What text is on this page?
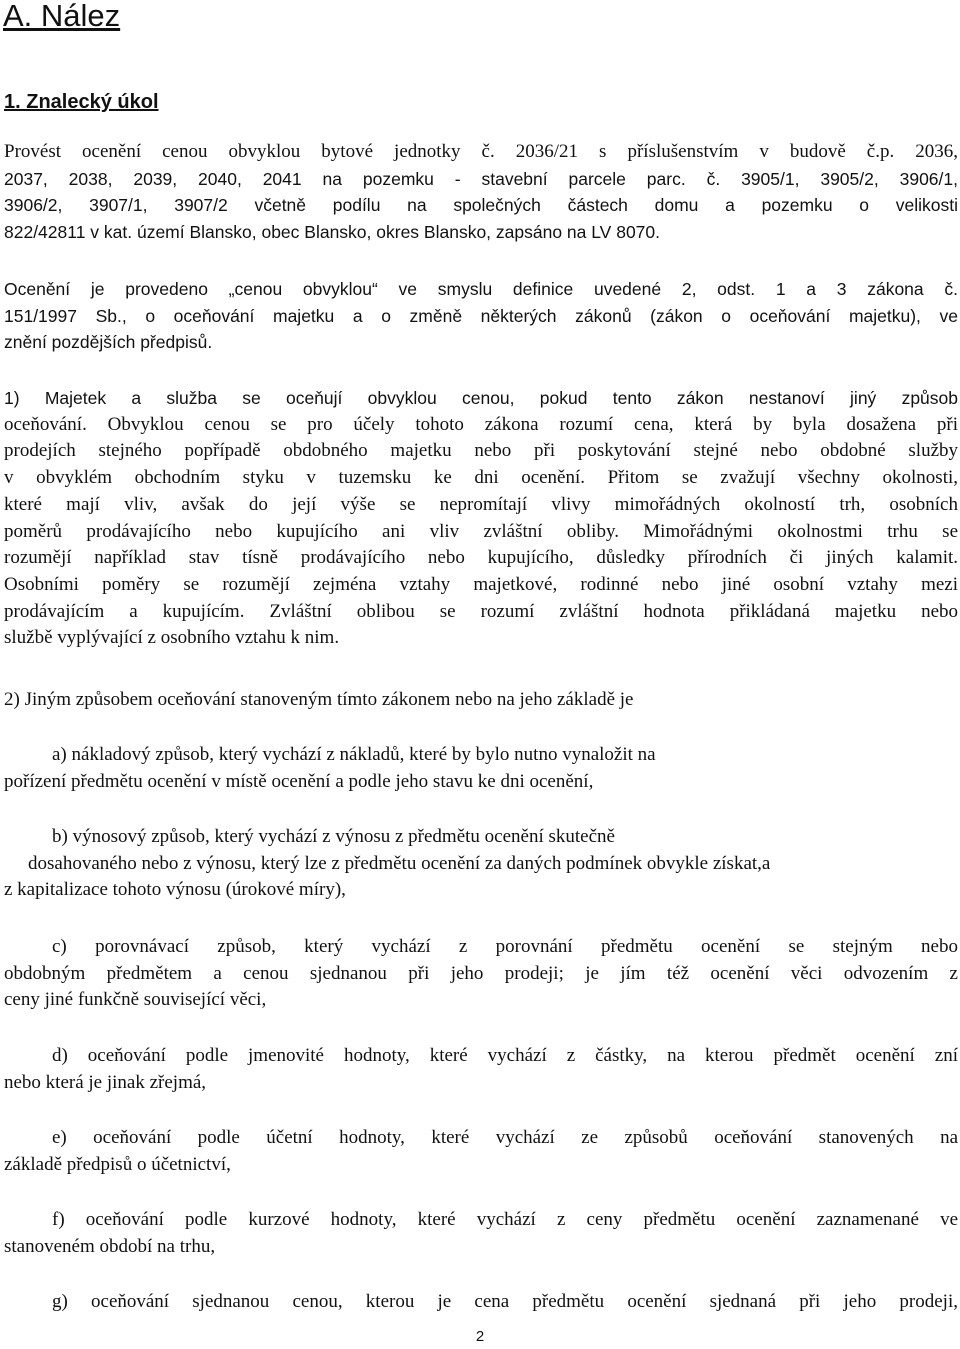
A. Nález
1. Znalecký úkol
Provést ocenění cenou obvyklou bytové jednotky č. 2036/21 s příslušenstvím v budově č.p. 2036,
2037, 2038, 2039, 2040, 2041 na pozemku - stavební parcele parc. č. 3905/1, 3905/2, 3906/1,
3906/2, 3907/1, 3907/2 včetně podílu na společných částech domu a pozemku o velikosti
822/42811 v kat. území Blansko, obec Blansko, okres Blansko, zapsáno na LV 8070.
Ocenění je provedeno „cenou obvyklou“ ve smyslu definice uvedené 2, odst. 1 a 3 zákona č.
151/1997 Sb., o oceňování majetku a o změně některých zákonů (zákon o oceňování majetku), ve
znění pozdějších předpisů.
1) Majetek a služba se oceňují obvyklou cenou, pokud tento zákon nestanoví jiný způsob
oceňování. Obvyklou cenou se pro účely tohoto zákona rozumí cena, která by byla dosažena při
prodejích stejného popřípadě obdobného majetku nebo při poskytování stejné nebo obdobné služby
v obvyklém obchodním styku v tuzemsku ke dni ocenění. Přitom se zvažují všechny okolnosti,
které mají vliv, avšak do její výše se nepromítají vlivy mimořádných okolností trh, osobních
poměrů prodávajícího nebo kupujícího ani vliv zvláštní obliby. Mimořádnými okolnostmi trhu se
rozumějí například stav tísně prodávajícího nebo kupujícího, důsledky přírodních či jiných kalamit.
Osobními poměry se rozumějí zejména vztahy majetkové, rodinné nebo jiné osobní vztahy mezi
prodávajícím a kupujícím. Zvláštní oblibou se rozumí zvláštní hodnota přikládaná majetku nebo
službě vyplývající z osobního vztahu k nim.
2) Jiným způsobem oceňování stanoveným tímto zákonem nebo na jeho základě je
a) nákladový způsob, který vychází z nákladů, které by bylo nutno vynaložit na
pořízení předmětu ocenění v místě ocenění a podle jeho stavu ke dni ocenění,
b) výnosový způsob, který vychází z výnosu z předmětu ocenění skutečně
dosahovaného nebo z výnosu, který lze z předmětu ocenění za daných podmínek obvykle získat,a
z kapitalizace tohoto výnosu (úrokové míry),
c) porovnávací způsob, který vychází z porovnání předmětu ocenění se stejným nebo
obdobným předmětem a cenou sjednanou při jeho prodeji; je jím též ocenění věci odvozením z
ceny jiné funkčně související věci,
d) oceňování podle jmenovité hodnoty, které vychází z částky, na kterou předmět ocenění zní
nebo která je jinak zřejmá,
e) oceňování podle účetní hodnoty, které vychází ze způsobů oceňování stanovených na
základě předpisů o účetnictví,
f) oceňování podle kurzové hodnoty, které vychází z ceny předmětu ocenění zaznamenané ve
stanoveném období na trhu,
g) oceňování sjednanou cenou, kterou je cena předmětu ocenění sjednaná při jeho prodeji,
2
